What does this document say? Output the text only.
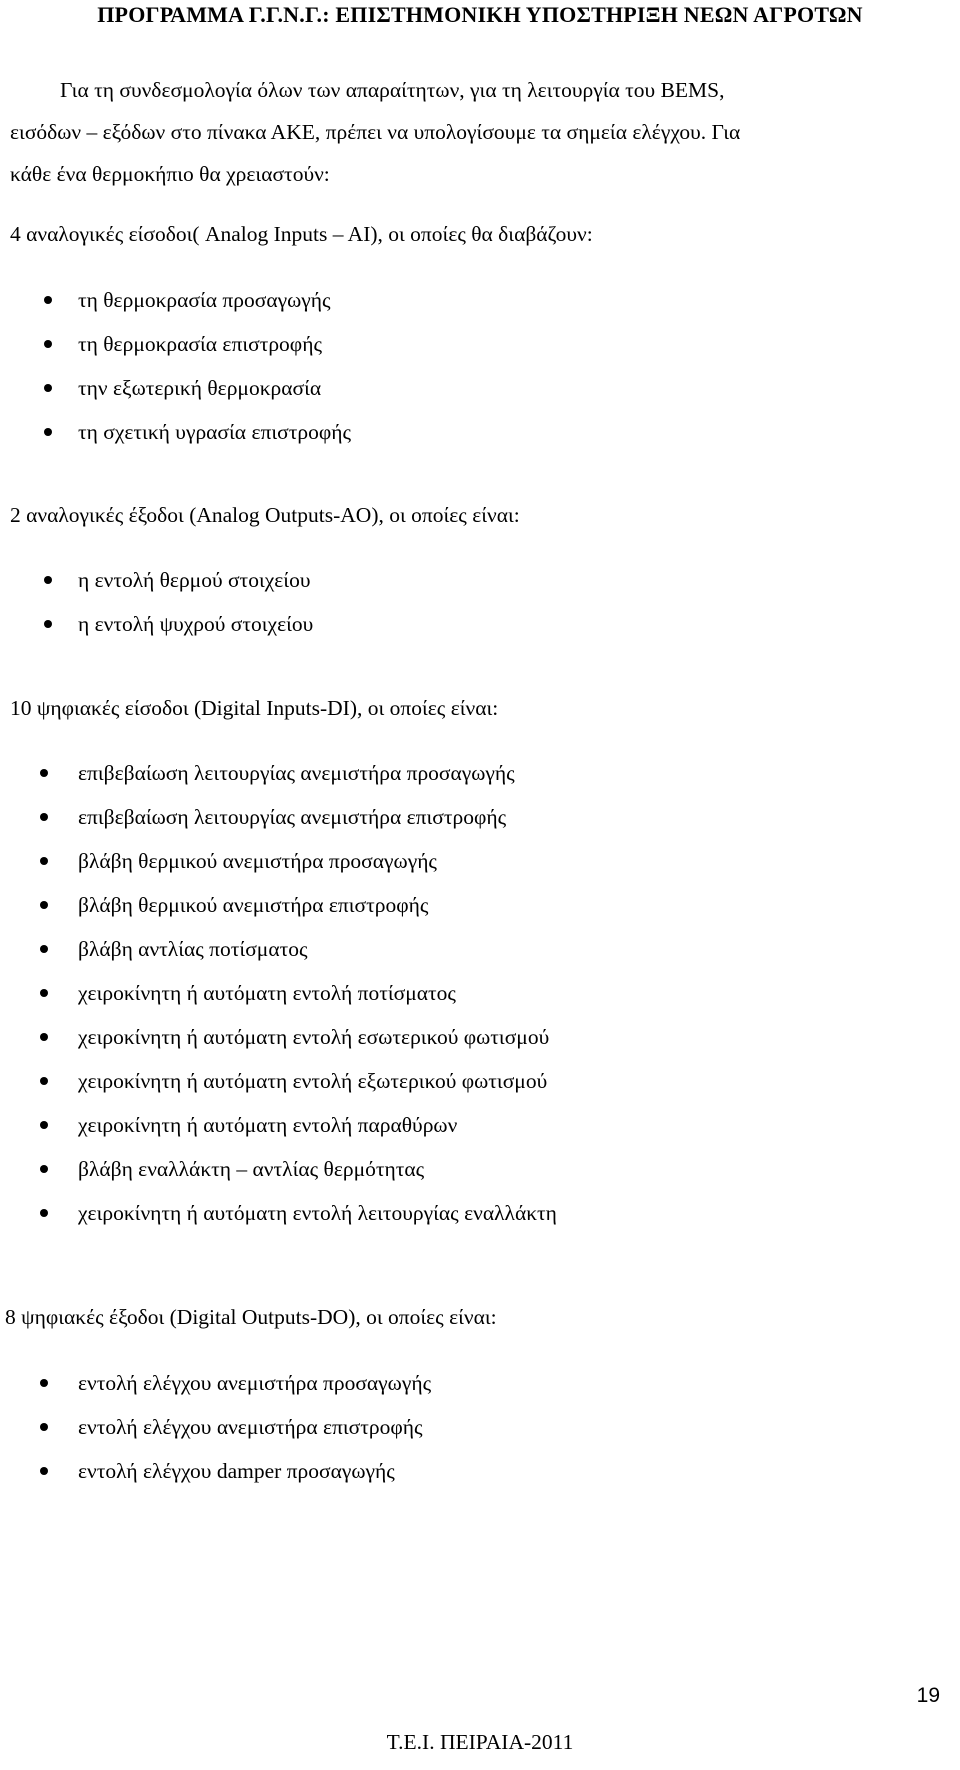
ΠΡΟΓΡΑΜΜΑ Γ.Γ.Ν.Γ.: ΕΠΙΣΤΗΜΟΝΙΚΗ ΥΠΟΣΤΗΡΙΞΗ ΝΕΩΝ ΑΓΡΟΤΩΝ
Για τη συνδεσμολογία όλων των απαραίτητων, για τη λειτουργία του BEMS,
εισόδων – εξόδων στο πίνακα ΑΚΕ, πρέπει να υπολογίσουμε τα σημεία ελέγχου. Για
κάθε ένα θερμοκήπιο θα χρειαστούν:
4 αναλογικές είσοδοι( Analog Inputs – AI), οι οποίες θα διαβάζουν:
τη θερμοκρασία προσαγωγής
τη θερμοκρασία επιστροφής
την εξωτερική θερμοκρασία
τη σχετική υγρασία επιστροφής
2 αναλογικές έξοδοι (Analog Outputs-AO), οι οποίες είναι:
η εντολή θερμού στοιχείου
η εντολή ψυχρού στοιχείου
10 ψηφιακές είσοδοι (Digital Inputs-DI), οι οποίες είναι:
επιβεβαίωση λειτουργίας ανεμιστήρα προσαγωγής
επιβεβαίωση λειτουργίας ανεμιστήρα επιστροφής
βλάβη θερμικού ανεμιστήρα προσαγωγής
βλάβη θερμικού ανεμιστήρα επιστροφής
βλάβη αντλίας ποτίσματος
χειροκίνητη ή αυτόματη εντολή ποτίσματος
χειροκίνητη ή αυτόματη εντολή εσωτερικού φωτισμού
χειροκίνητη ή αυτόματη εντολή εξωτερικού φωτισμού
χειροκίνητη ή αυτόματη εντολή παραθύρων
βλάβη εναλλάκτη – αντλίας θερμότητας
χειροκίνητη ή αυτόματη εντολή λειτουργίας εναλλάκτη
8 ψηφιακές έξοδοι (Digital Outputs-DO), οι οποίες είναι:
εντολή ελέγχου ανεμιστήρα προσαγωγής
εντολή ελέγχου ανεμιστήρα επιστροφής
εντολή ελέγχου damper προσαγωγής
19
Τ.Ε.Ι. ΠΕΙΡΑΙΑ-2011
